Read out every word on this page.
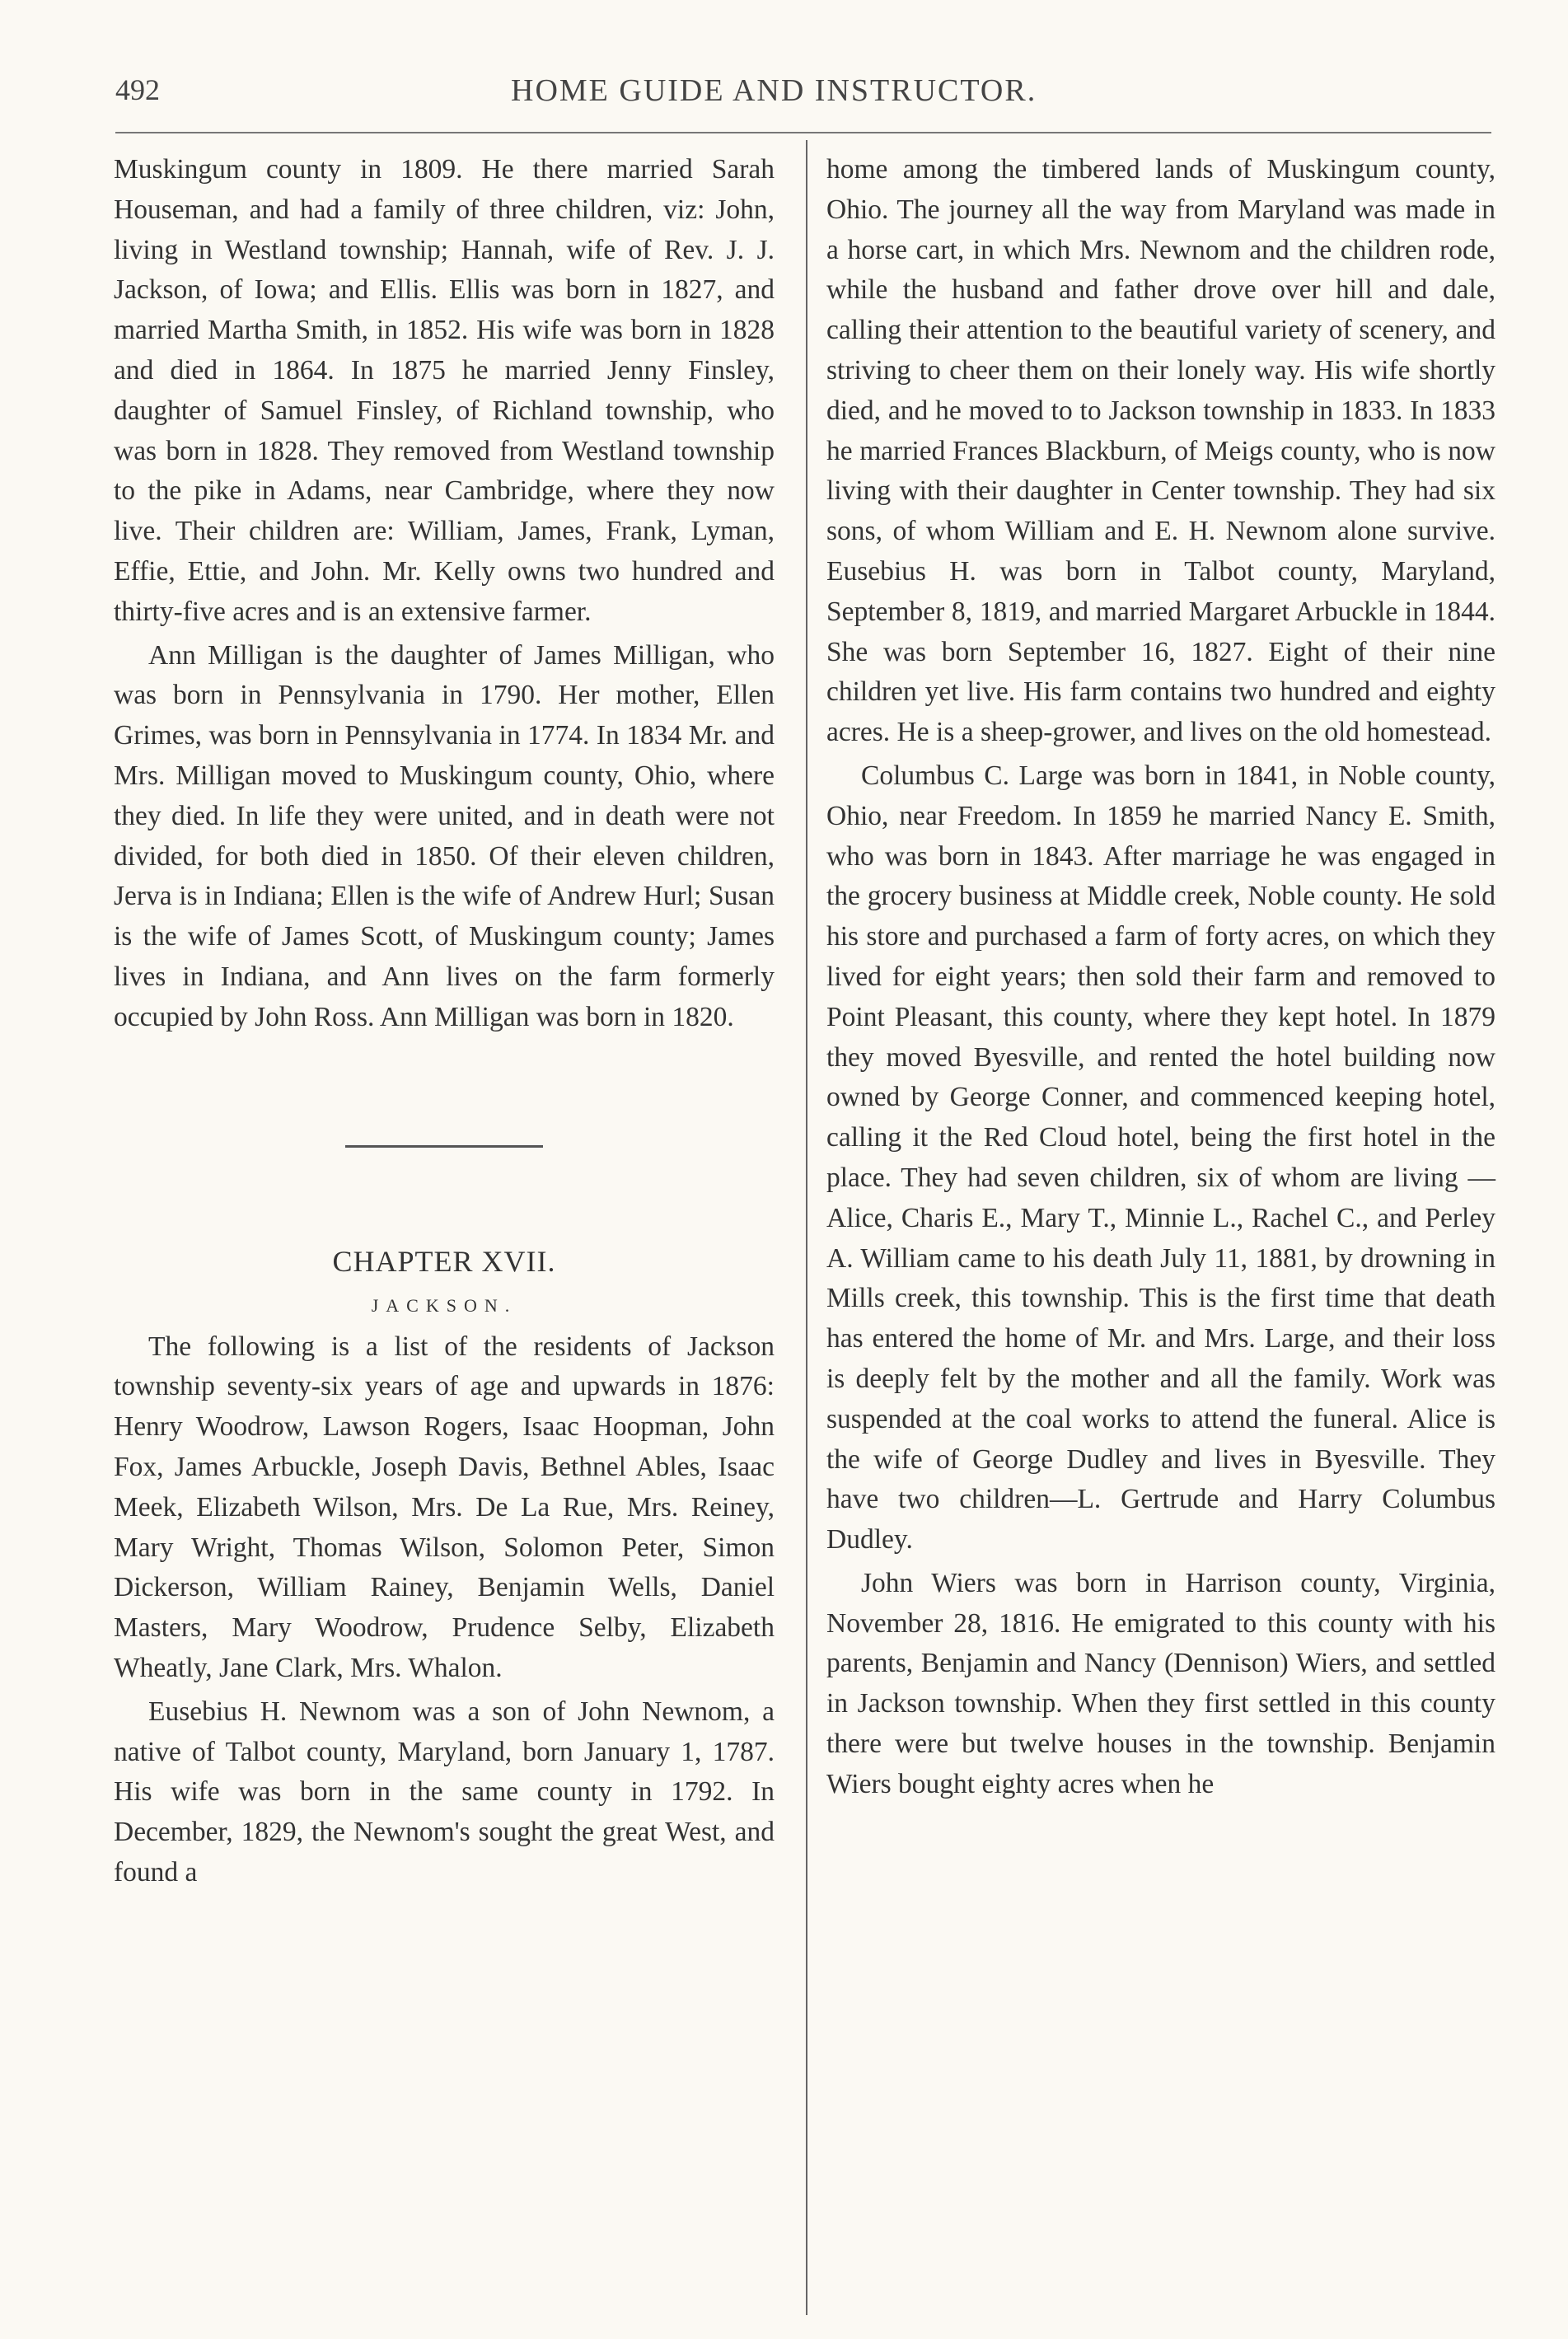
492	HOME GUIDE AND INSTRUCTOR.

Muskingum county in 1809. He there married Sarah Houseman, and had a family of three children, viz: John, living in Westland township; Hannah, wife of Rev. J. J. Jackson, of Iowa; and Ellis. Ellis was born in 1827, and married Martha Smith, in 1852. His wife was born in 1828 and died in 1864. In 1875 he married Jenny Finsley, daughter of Samuel Finsley, of Richland township, who was born in 1828. They removed from Westland township to the pike in Adams, near Cambridge, where they now live. Their children are: William, James, Frank, Lyman, Effie, Ettie, and John. Mr. Kelly owns two hundred and thirty-five acres and is an extensive farmer.

Ann Milligan is the daughter of James Milligan, who was born in Pennsylvania in 1790. Her mother, Ellen Grimes, was born in Pennsylvania in 1774. In 1834 Mr. and Mrs. Milligan moved to Muskingum county, Ohio, where they died. In life they were united, and in death were not divided, for both died in 1850. Of their eleven children, Jerva is in Indiana; Ellen is the wife of Andrew Hurl; Susan is the wife of James Scott, of Muskingum county; James lives in Indiana, and Ann lives on the farm formerly occupied by John Ross. Ann Milligan was born in 1820.

CHAPTER XVII.
JACKSON.

The following is a list of the residents of Jackson township seventy-six years of age and upwards in 1876: Henry Woodrow, Lawson Rogers, Isaac Hoopman, John Fox, James Arbuckle, Joseph Davis, Bethnel Ables, Isaac Meek, Elizabeth Wilson, Mrs. De La Rue, Mrs. Reiney, Mary Wright, Thomas Wilson, Solomon Peter, Simon Dickerson, William Rainey, Benjamin Wells, Daniel Masters, Mary Woodrow, Prudence Selby, Elizabeth Wheatly, Jane Clark, Mrs. Whalon.

Eusebius H. Newnom was a son of John Newnom, a native of Talbot county, Maryland, born January 1, 1787. His wife was born in the same county in 1792. In December, 1829, the Newnom's sought the great West, and found a

home among the timbered lands of Muskingum county, Ohio. The journey all the way from Maryland was made in a horse cart, in which Mrs. Newnom and the children rode, while the husband and father drove over hill and dale, calling their attention to the beautiful variety of scenery, and striving to cheer them on their lonely way. His wife shortly died, and he moved to to Jackson township in 1833. In 1833 he married Frances Blackburn, of Meigs county, who is now living with their daughter in Center township. They had six sons, of whom William and E. H. Newnom alone survive. Eusebius H. was born in Talbot county, Maryland, September 8, 1819, and married Margaret Arbuckle in 1844. She was born September 16, 1827. Eight of their nine children yet live. His farm contains two hundred and eighty acres. He is a sheep-grower, and lives on the old homestead.

Columbus C. Large was born in 1841, in Noble county, Ohio, near Freedom. In 1859 he married Nancy E. Smith, who was born in 1843. After marriage he was engaged in the grocery business at Middle creek, Noble county. He sold his store and purchased a farm of forty acres, on which they lived for eight years; then sold their farm and removed to Point Pleasant, this county, where they kept hotel. In 1879 they moved Byesville, and rented the hotel building now owned by George Conner, and commenced keeping hotel, calling it the Red Cloud hotel, being the first hotel in the place. They had seven children, six of whom are living —Alice, Charis E., Mary T., Minnie L., Rachel C., and Perley A. William came to his death July 11, 1881, by drowning in Mills creek, this township. This is the first time that death has entered the home of Mr. and Mrs. Large, and their loss is deeply felt by the mother and all the family. Work was suspended at the coal works to attend the funeral. Alice is the wife of George Dudley and lives in Byesville. They have two children—L. Gertrude and Harry Columbus Dudley.

John Wiers was born in Harrison county, Virginia, November 28, 1816. He emigrated to this county with his parents, Benjamin and Nancy (Dennison) Wiers, and settled in Jackson township. When they first settled in this county there were but twelve houses in the township. Benjamin Wiers bought eighty acres when he
